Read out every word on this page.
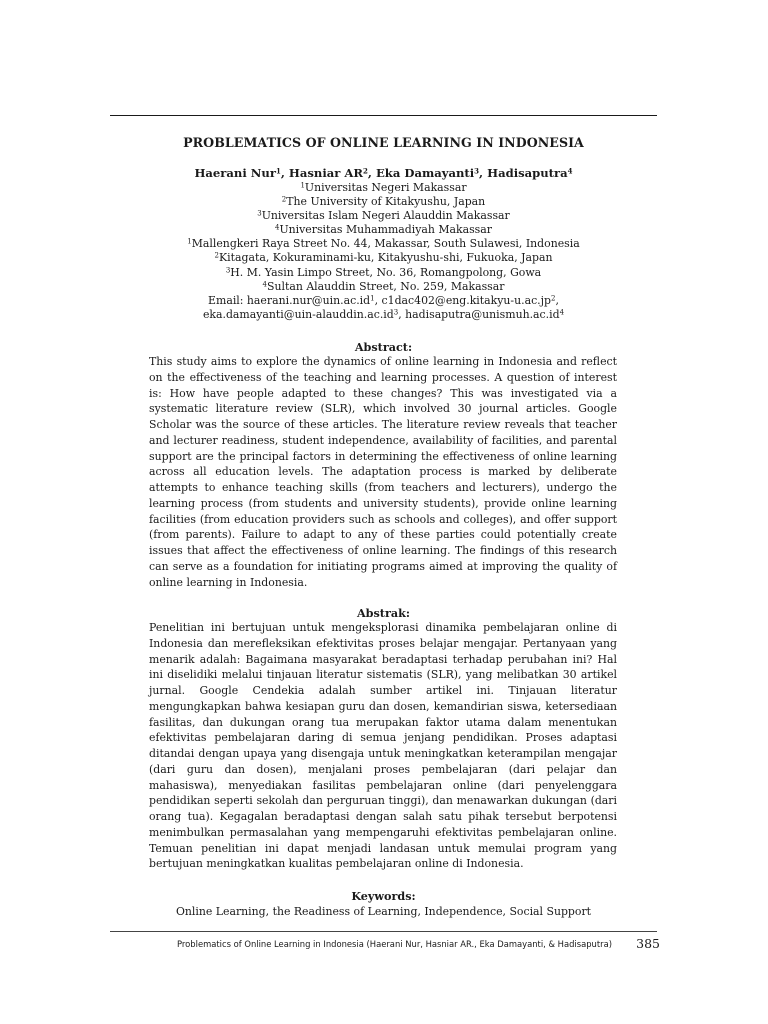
PROBLEMATICS OF ONLINE LEARNING IN INDONESIA
Haerani Nur$^1$, Hasniar $AR^2$, Eka Damayanti$^3$, Hadisaputra$^4$
$^1$Universitas Negeri Makassar
$^2$The University of Kitakyushu, Japan
$^3$Universitas Islam Negeri Alauddin Makassar
$^4$Universitas Muhammadiyah Makassar
$^1$Mallengkeri Raya Street No. 44, Makassar, South Sulawesi, Indonesia
$^2$Kitagata, Kokuraminami-ku, Kitakyushu-shi, Fukuoka, Japan
$^3$H. M. Yasin Limpo Street, No. 36, Romangpolong, Gowa
$^4$Sultan Alauddin Street, No. 259, Makassar
Email: $haerani.nur@uin.ac.id^1$, $c1dac402@eng.kitakyu-u.ac.jp^2$,
$eka.damayanti@uin-alauddin.ac.id^3$, $hadisaputra@unismuh.ac.id^4$
Abstract:
This study aims to explore the dynamics of online learning in Indonesia and reflect on the effectiveness of the teaching and learning processes. A question of interest is: How have people adapted to these changes? This was investigated via a systematic literature review (SLR), which involved 30 journal articles. Google Scholar was the source of these articles. The literature review reveals that teacher and lecturer readiness, student independence, availability of facilities, and parental support are the principal factors in determining the effectiveness of online learning across all education levels. The adaptation process is marked by deliberate attempts to enhance teaching skills (from teachers and lecturers), undergo the learning process (from students and university students), provide online learning facilities (from education providers such as schools and colleges), and offer support (from parents). Failure to adapt to any of these parties could potentially create issues that affect the effectiveness of online learning. The findings of this research can serve as a foundation for initiating programs aimed at improving the quality of online learning in Indonesia.
Abstrak:
Penelitian ini bertujuan untuk mengeksplorasi dinamika pembelajaran online di Indonesia dan merefleksikan efektivitas proses belajar mengajar. Pertanyaan yang menarik adalah: Bagaimana masyarakat beradaptasi terhadap perubahan ini? Hal ini diselidiki melalui tinjauan literatur sistematis (SLR), yang melibatkan 30 artikel jurnal. Google Cendekia adalah sumber artikel ini. Tinjauan literatur mengungkapkan bahwa kesiapan guru dan dosen, kemandirian siswa, ketersediaan fasilitas, dan dukungan orang tua merupakan faktor utama dalam menentukan efektivitas pembelajaran daring di semua jenjang pendidikan. Proses adaptasi ditandai dengan upaya yang disengaja untuk meningkatkan keterampilan mengajar (dari guru dan dosen), menjalani proses pembelajaran (dari pelajar dan mahasiswa), menyediakan fasilitas pembelajaran online (dari penyelenggara pendidikan seperti sekolah dan perguruan tinggi), dan menawarkan dukungan (dari orang tua). Kegagalan beradaptasi dengan salah satu pihak tersebut berpotensi menimbulkan permasalahan yang mempengaruhi efektivitas pembelajaran online. Temuan penelitian ini dapat menjadi landasan untuk memulai program yang bertujuan meningkatkan kualitas pembelajaran online di Indonesia.
Keywords:
Online Learning, the Readiness of Learning, Independence, Social Support
Problematics of Online Learning in Indonesia (Haerani Nur, Hasniar AR., Eka Damayanti, & Hadisaputra)	385
